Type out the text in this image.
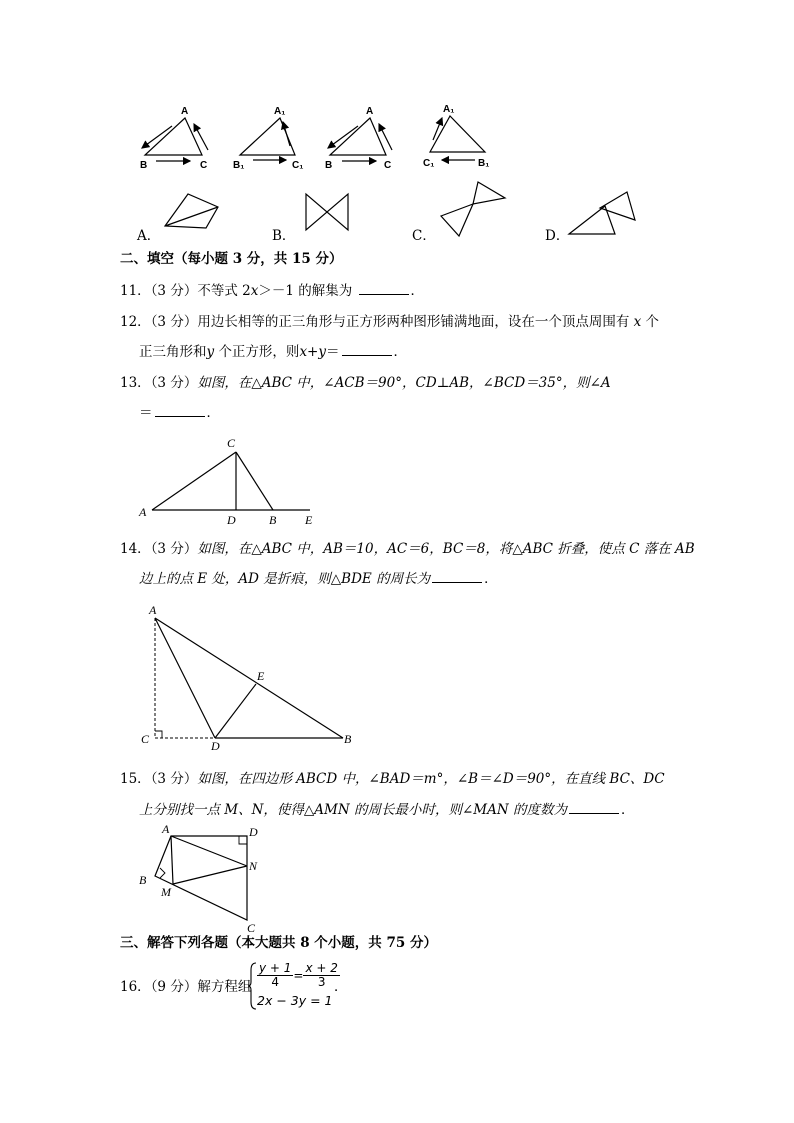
A
B	C
A₁
B₁	C₁
A
B	C
A₁
C₁	B₁
A．	B．	C．	D．
二、填空（每小题 3 分，共 15 分）
11．（3 分）不等式 2x＞－1 的解集为	．
12．（3 分）用边长相等的正三角形与正方形两种图形铺满地面，设在一个顶点周围有 x 个
正三角形和y 个正方形，则x+y＝	．
13．（3 分）如图，在△ABC 中，∠ACB＝90°，CD⊥AB，∠BCD＝35°，则∠A
＝	．
C
A
D	B E
14．（3 分）如图，在△ABC 中，AB＝10，AC＝6，BC＝8，将△ABC 折叠，使点 C 落在 AB
边上的点 E 处，AD 是折痕，则△BDE 的周长为	．
A
E
C	D	B
15．（3 分）如图，在四边形 ABCD 中，∠BAD＝m°，∠B＝∠D＝90°，在直线 BC、DC
上分别找一点 M、N，使得△AMN 的周长最小时，则∠MAN 的度数为	．
A	D
N
B
M
C
三、解答下列各题（本大题共 8 个小题，共 75 分）
16．（9 分）解方程组 $\frac{y + 1}{4} = \frac{x + 2}{3}$
2x − 3y = 1
．
